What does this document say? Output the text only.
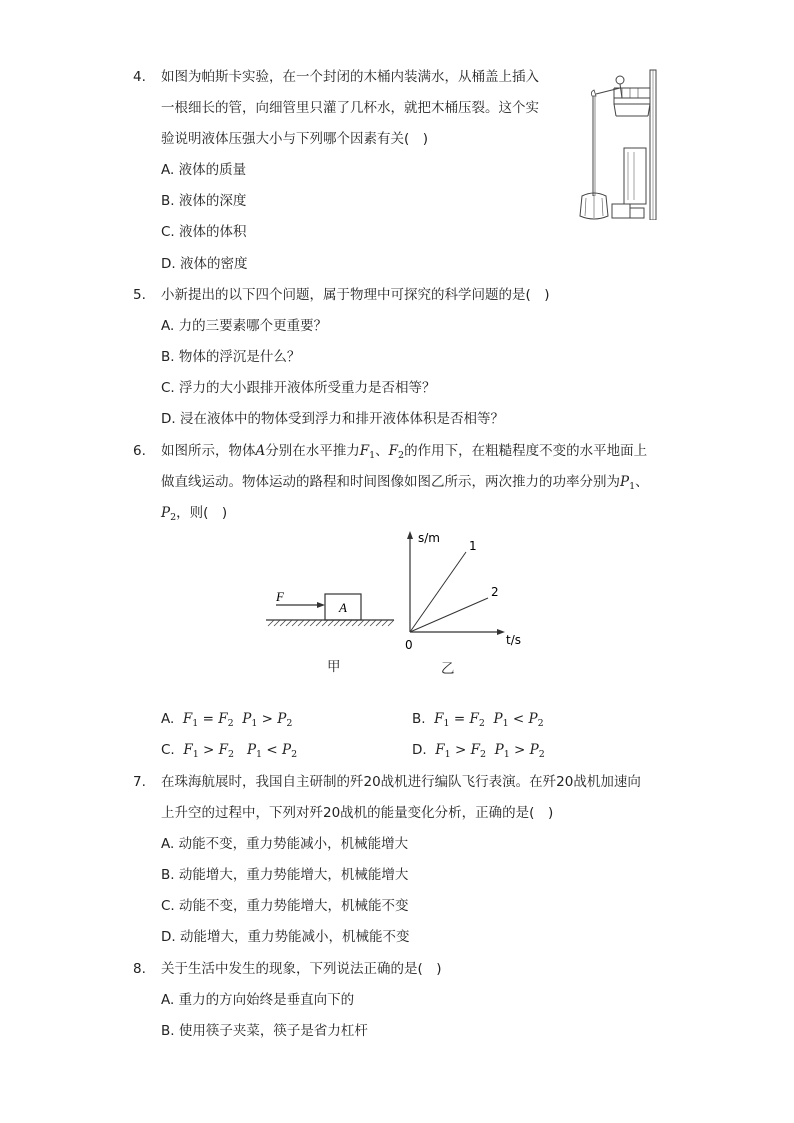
4. 如图为帕斯卡实验，在一个封闭的木桶内装满水，从桶盖上插入
一根细长的管，向细管里只灌了几杯水，就把木桶压裂。这个实
验说明液体压强大小与下列哪个因素有关(　)
A. 液体的质量
B. 液体的深度
C. 液体的体积
D. 液体的密度
5. 小新提出的以下四个问题，属于物理中可探究的科学问题的是(　)
A. 力的三要素哪个更重要？
B. 物体的浮沉是什么？
C. 浮力的大小跟排开液体所受重力是否相等？
D. 浸在液体中的物体受到浮力和排开液体体积是否相等？
6. 如图所示，物体A分别在水平推力$F_1$、$F_2$的作用下，在粗糙程度不变的水平地面上
做直线运动。物体运动的路程和时间图像如图乙所示，两次推力的功率分别为$P_1$、
$P_2$，则(　)
A
F
s/m
t/s
0
1
2
甲	乙
A. $F_1 = F_2$ $P_1 > P_2$	B. $F_1 = F_2$ $P_1 < P_2$
C. $F_1 > F_2$ $P_1 < P_2$	D. $F_1 > F_2$ $P_1 > P_2$
7. 在珠海航展时，我国自主研制的歼20战机进行编队飞行表演。在歼20战机加速向
上升空的过程中，下列对歼20战机的能量变化分析，正确的是(　)
A. 动能不变，重力势能减小，机械能增大
B. 动能增大，重力势能增大，机械能增大
C. 动能不变，重力势能增大，机械能不变
D. 动能增大，重力势能减小，机械能不变
8. 关于生活中发生的现象，下列说法正确的是(　)
A. 重力的方向始终是垂直向下的
B. 使用筷子夹菜，筷子是省力杠杆
